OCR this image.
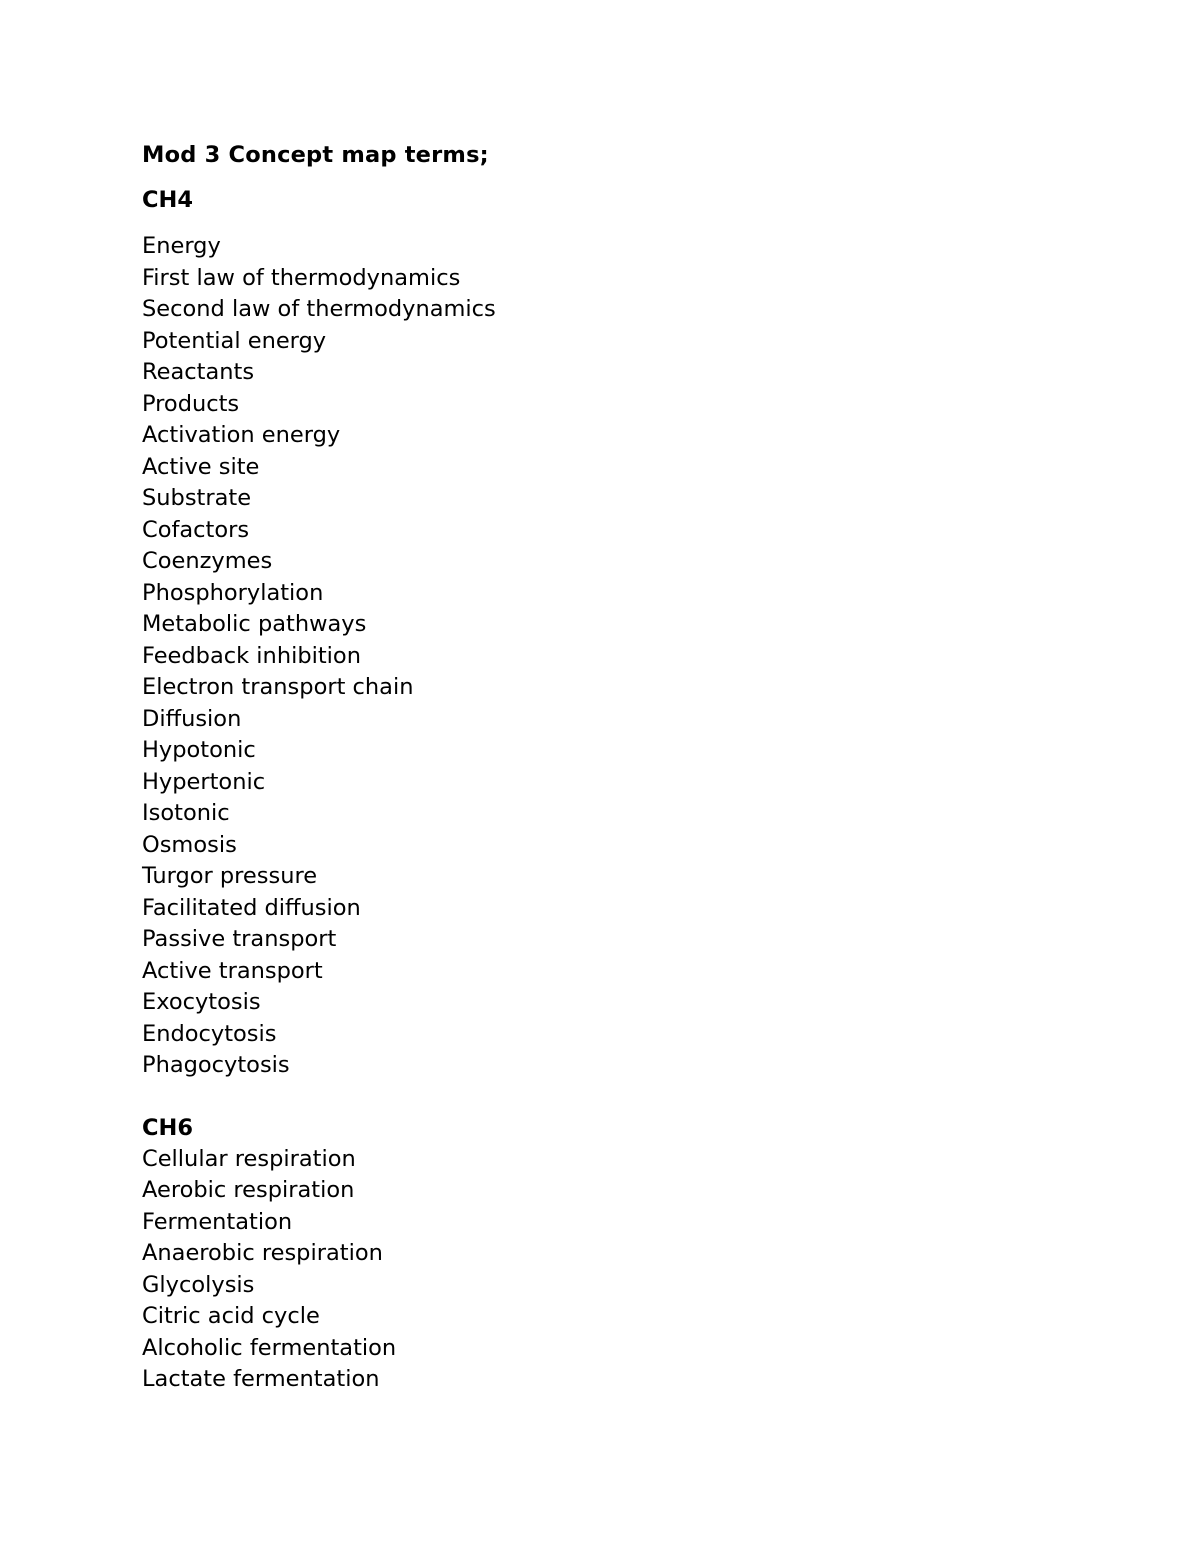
Mod 3 Concept map terms;
CH4
Energy
First law of thermodynamics
Second law of thermodynamics
Potential energy
Reactants
Products
Activation energy
Active site
Substrate
Cofactors
Coenzymes
Phosphorylation
Metabolic pathways
Feedback inhibition
Electron transport chain
Diffusion
Hypotonic
Hypertonic
Isotonic
Osmosis
Turgor pressure
Facilitated diffusion
Passive transport
Active transport
Exocytosis
Endocytosis
Phagocytosis
CH6
Cellular respiration
Aerobic respiration
Fermentation
Anaerobic respiration
Glycolysis
Citric acid cycle
Alcoholic fermentation
Lactate fermentation
